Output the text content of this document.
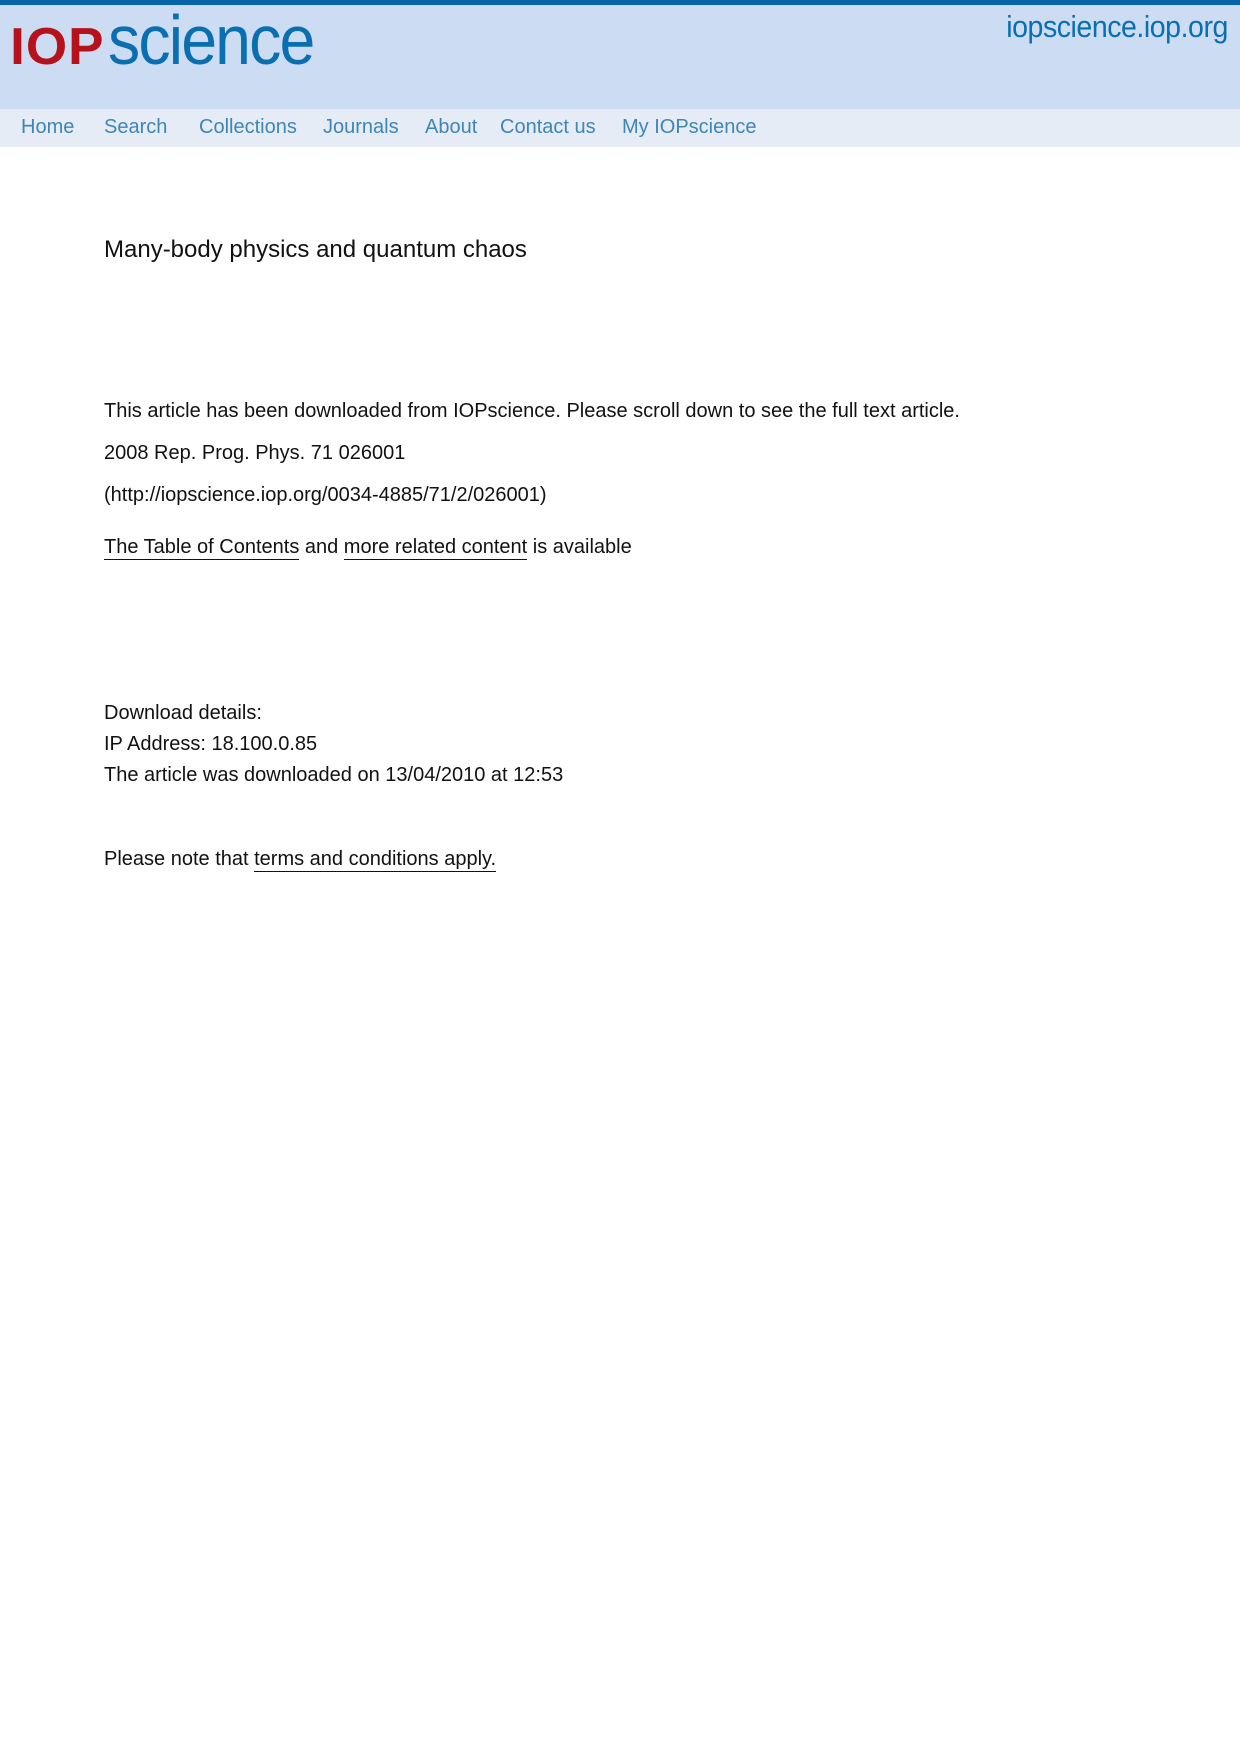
IOP science	iopscience.iop.org
Home Search Collections Journals About Contact us My IOPscience
Many-body physics and quantum chaos
This article has been downloaded from IOPscience. Please scroll down to see the full text article.
2008 Rep. Prog. Phys. 71 026001
(http://iopscience.iop.org/0034-4885/71/2/026001)
The Table of Contents and more related content is available
Download details:
IP Address: 18.100.0.85
The article was downloaded on 13/04/2010 at 12:53
Please note that terms and conditions apply.
